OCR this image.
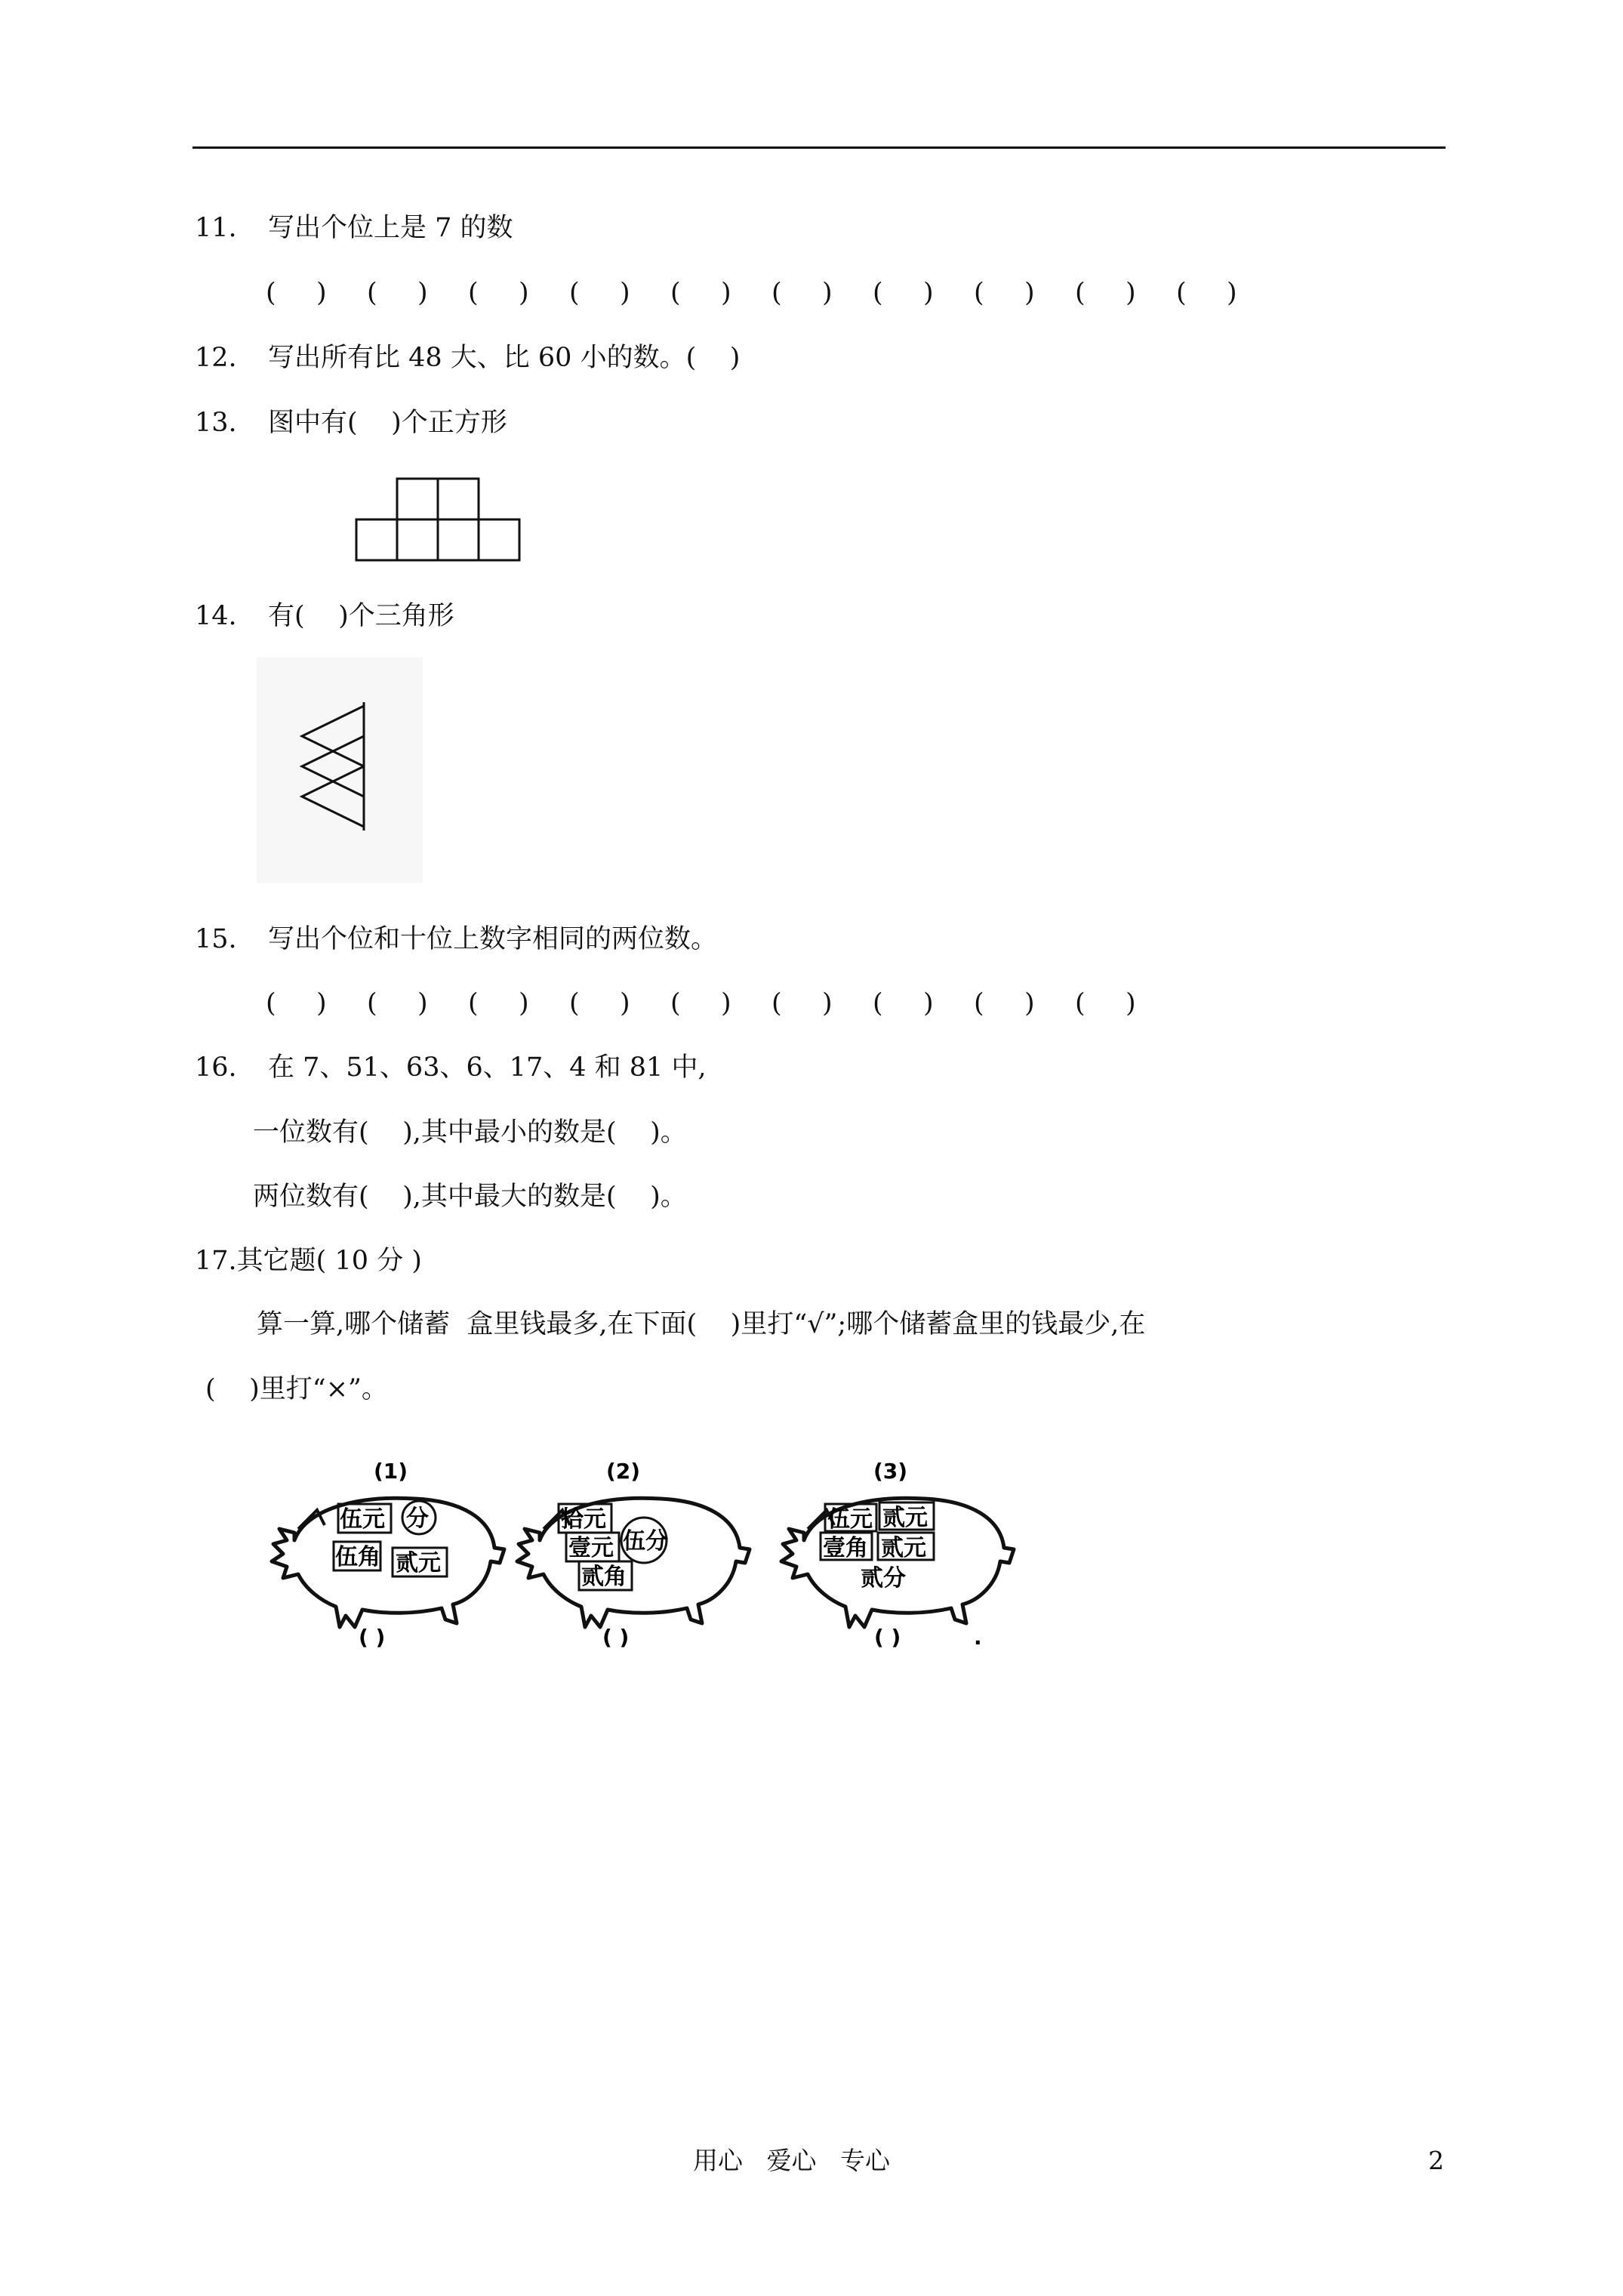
11. 写出个位上是 7 的数
( ) ( ) ( ) ( ) ( ) ( ) ( ) ( ) ( ) ( )
12. 写出所有比 48 大、比 60 小的数。(    )
13. 图中有(    )个正方形
14. 有(    )个三角形
15. 写出个位和十位上数字相同的两位数。
( ) ( ) ( ) ( ) ( ) ( ) ( ) ( ) ( )
16. 在 7、51、63、6、17、4 和 81 中,
一位数有(    ),其中最小的数是(    )。
两位数有(    ),其中最大的数是(    )。
17.其它题( 10 分 )
算一算,哪个储蓄  盒里钱最多,在下面(    )里打“√”;哪个储蓄盒里的钱最少,在
(    )里打“×”。
伍元 分
伍角 贰元
(1)
( )
拾元
壹元 伍分
贰角
(2)
( )
伍元 贰元
壹角 贰元
贰分
(3)
( )	.
用心   爱心   专心	2
